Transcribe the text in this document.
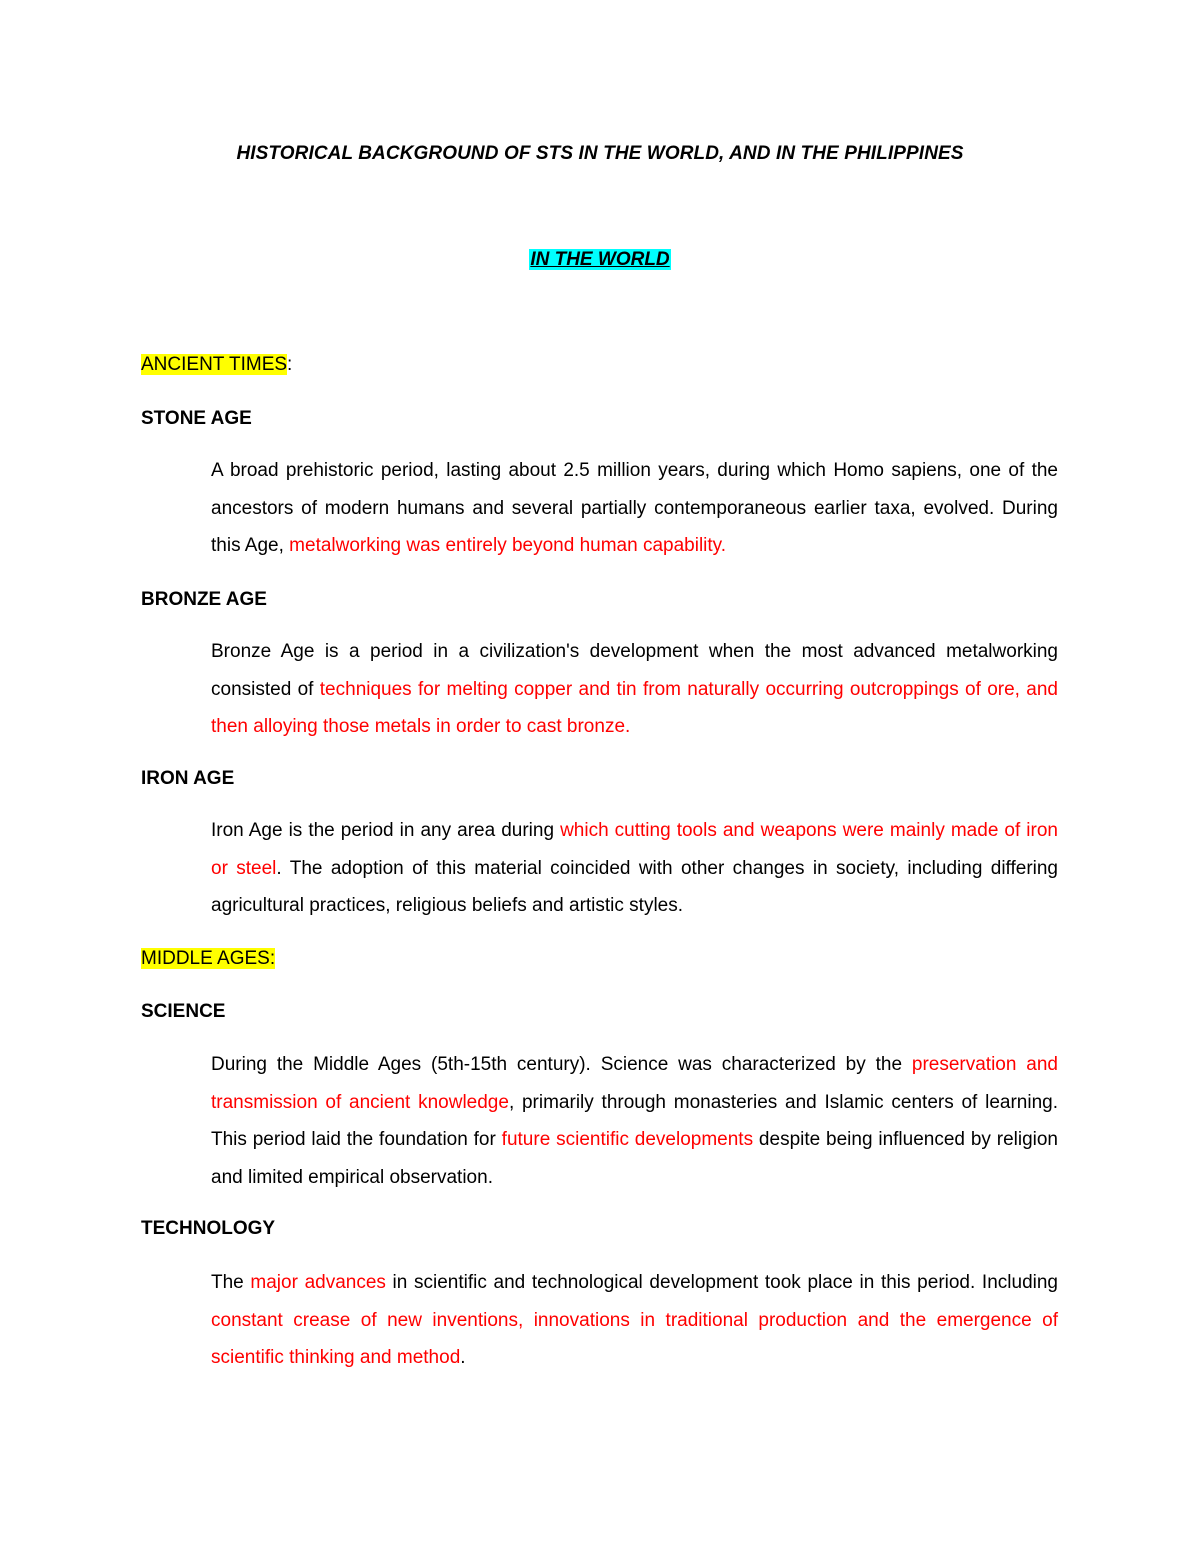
HISTORICAL BACKGROUND OF STS IN THE WORLD, AND IN THE PHILIPPINES
IN THE WORLD

ANCIENT TIMES:

STONE AGE

A broad prehistoric period, lasting about 2.5 million years, during which Homo sapiens, one of the ancestors of modern humans and several partially contemporaneous earlier taxa, evolved. During this Age, metalworking was entirely beyond human capability.

BRONZE AGE

Bronze Age is a period in a civilization's development when the most advanced metalworking consisted of techniques for melting copper and tin from naturally occurring outcroppings of ore, and then alloying those metals in order to cast bronze.

IRON AGE

Iron Age is the period in any area during which cutting tools and weapons were mainly made of iron or steel. The adoption of this material coincided with other changes in society, including differing agricultural practices, religious beliefs and artistic styles.

MIDDLE AGES:

SCIENCE

During the Middle Ages (5th-15th century). Science was characterized by the preservation and transmission of ancient knowledge, primarily through monasteries and Islamic centers of learning. This period laid the foundation for future scientific developments despite being influenced by religion and limited empirical observation.

TECHNOLOGY

The major advances in scientific and technological development took place in this period. Including constant crease of new inventions, innovations in traditional production and the emergence of scientific thinking and method.
